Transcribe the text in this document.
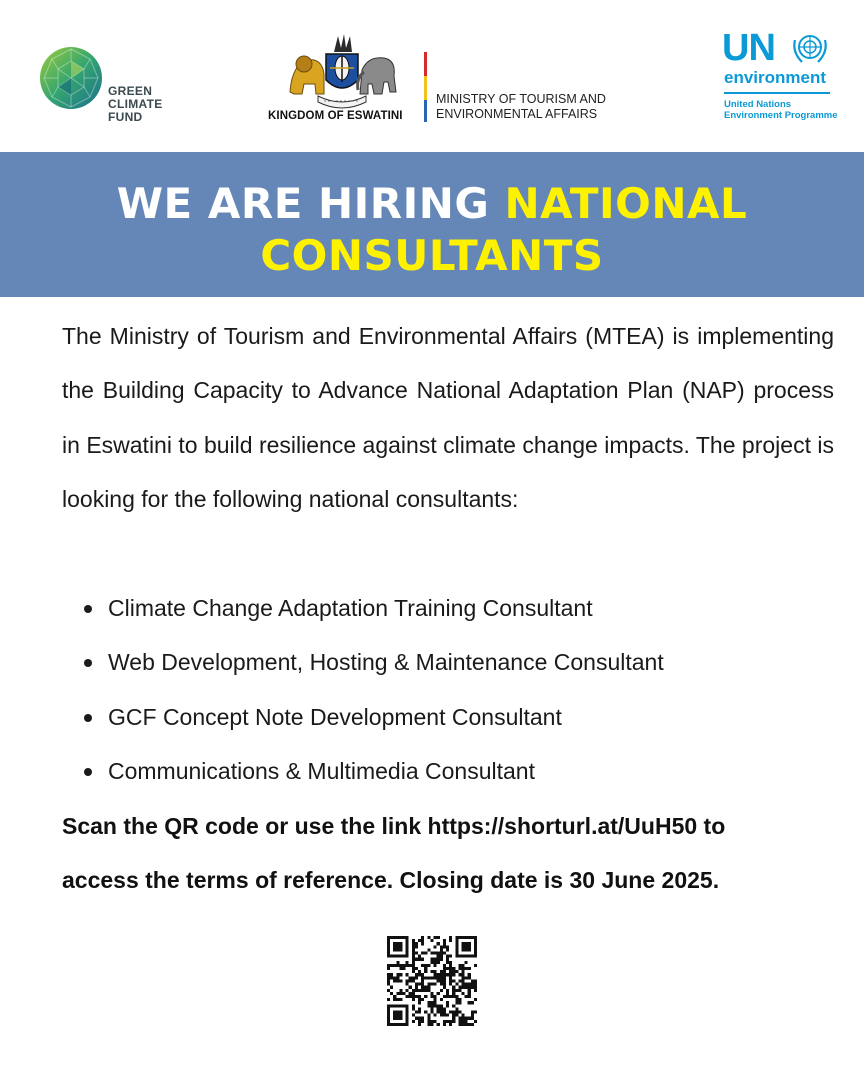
GREEN
CLIMATE
FUND	KINGDOM OF ESWATINI
MINISTRY OF TOURISM AND
ENVIRONMENTAL AFFAIRS
UN
environment
United Nations
Environment Programme
WE ARE HIRING NATIONAL
CONSULTANTS

The Ministry of Tourism and Environmental Affairs (MTEA) is implementing the Building Capacity to Advance National Adaptation Plan (NAP) process in Eswatini to build resilience against climate change impacts. The project is looking for the following national consultants:

Climate Change Adaptation Training Consultant
Web Development, Hosting & Maintenance Consultant
GCF Concept Note Development Consultant
Communications & Multimedia Consultant
Scan the QR code or use the link https://shorturl.at/UuH50 to
access the terms of reference. Closing date is 30 June 2025.
